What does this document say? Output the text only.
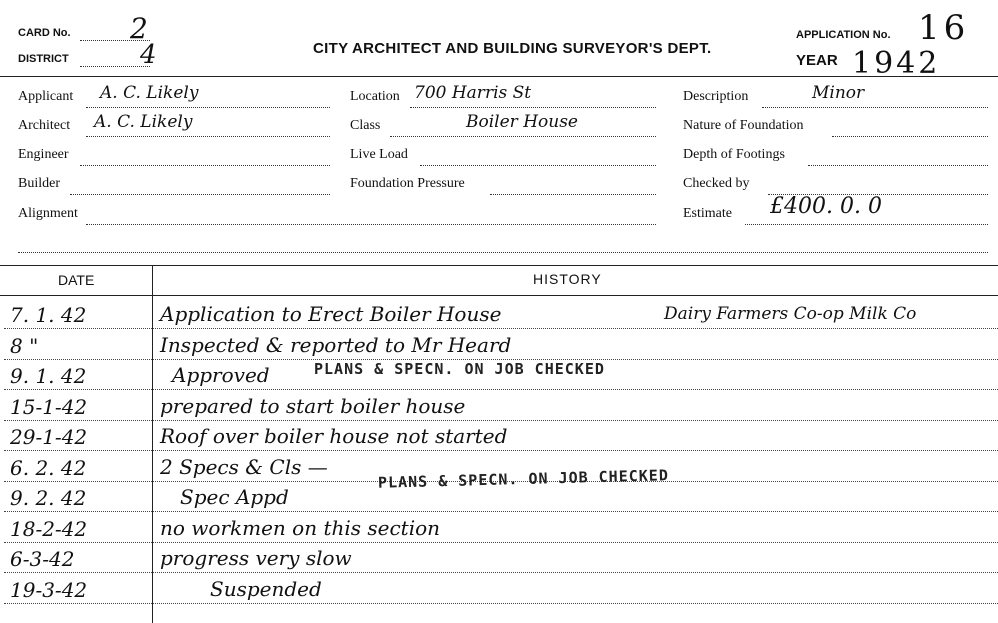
CARD No. 2
DISTRICT	4	CITY ARCHITECT AND BUILDING SURVEYOR'S DEPT.
APPLICATION No. 16
YEAR 1942
Applicant A. C. Likely
Architect A. C. Likely
Engineer
Builder
Alignment
Location 700 Harris St
Class	Boiler House
Live Load
Foundation Pressure
Description	Minor
Nature of Foundation
Depth of Footings
Checked by
Estimate £400. 0. 0
DATE	HISTORY
7. 1. 42	Application to Erect Boiler House	Dairy Farmers Co-op Milk Co
8 "	Inspected & reported to Mr Heard
9. 1. 42	Approved
15-1-42	prepared to start boiler house
29-1-42	Roof over boiler house not started
6. 2. 42	2 Specs & Cls —
9. 2. 42	Spec Appd
18-2-42	no workmen on this section
6-3-42	progress very slow
19-3-42	Suspended
PLANS & SPECN. ON JOB CHECKED
PLANS & SPECN. ON JOB CHECKED
